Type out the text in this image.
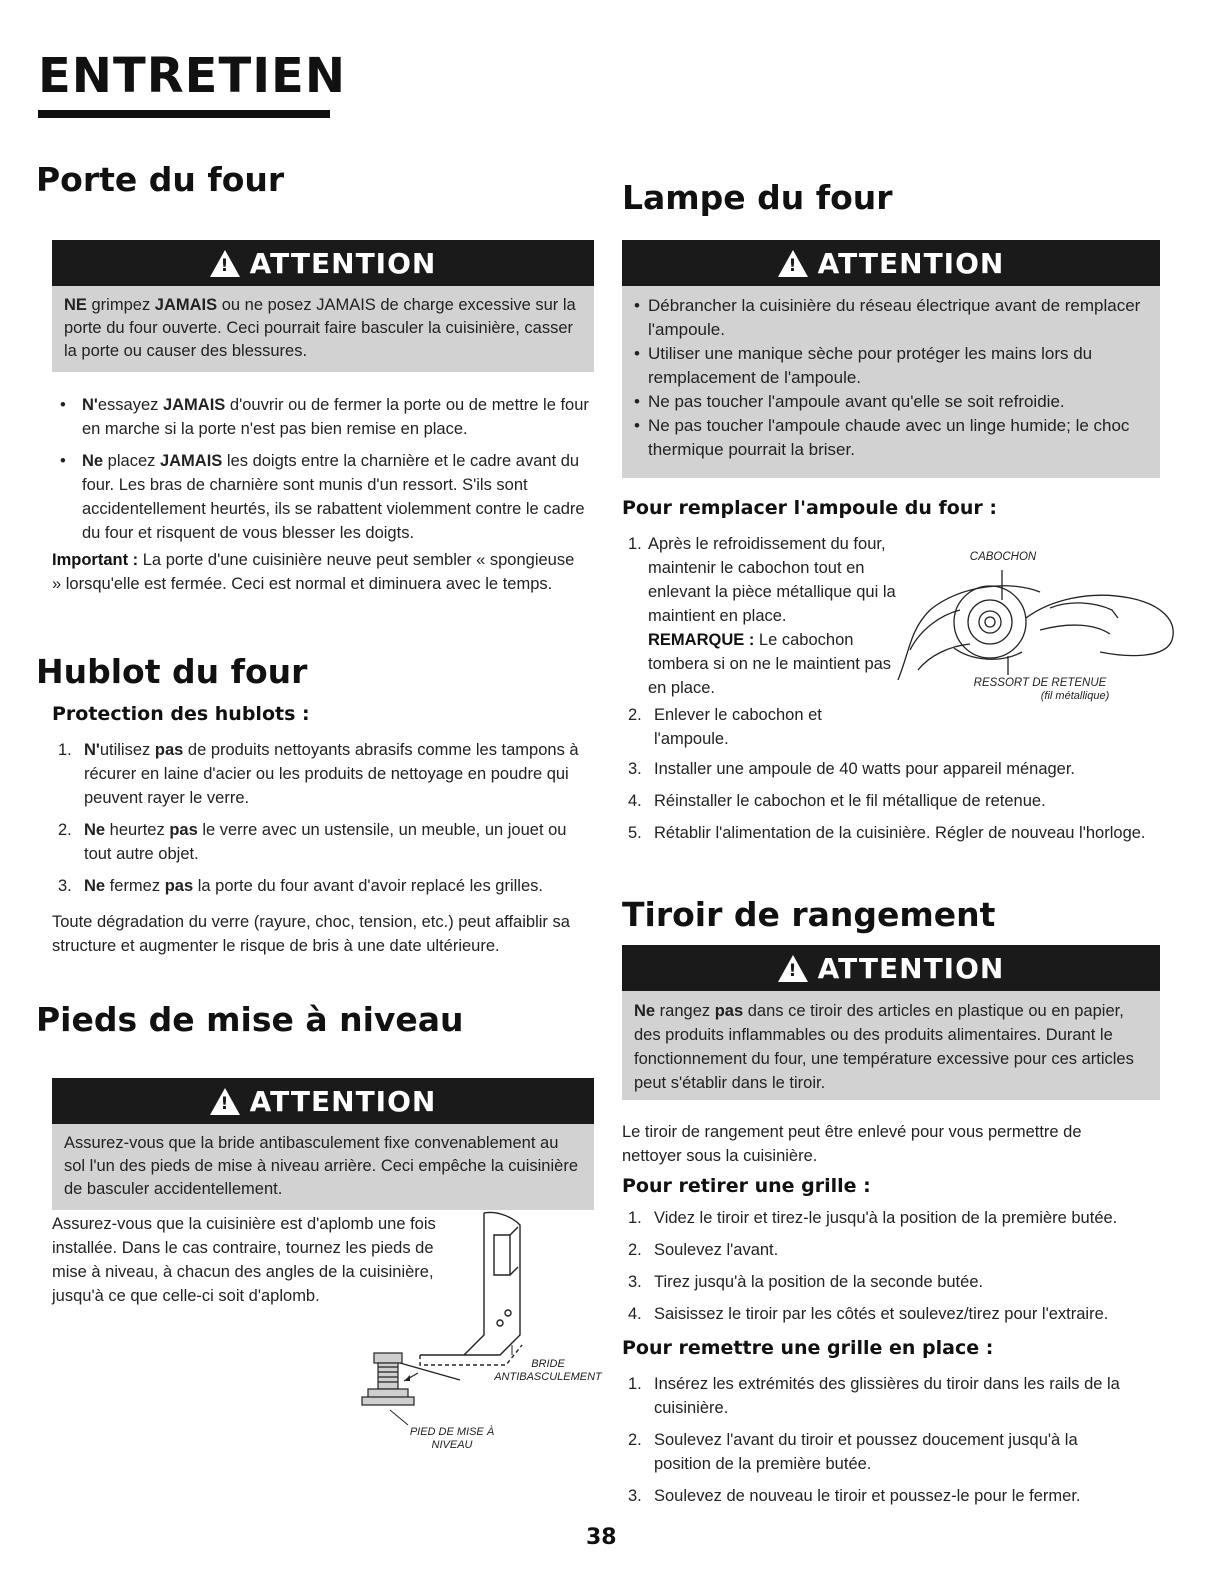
ENTRETIEN
Porte du four
! ATTENTION
NE grimpez JAMAIS ou ne posez JAMAIS de charge excessive sur la porte du four ouverte. Ceci pourrait faire basculer la cuisinière, casser la porte ou causer des blessures.
• N'essayez JAMAIS d'ouvrir ou de fermer la porte ou de mettre le four en marche si la porte n'est pas bien remise en place.
• Ne placez JAMAIS les doigts entre la charnière et le cadre avant du four. Les bras de charnière sont munis d'un ressort. S'ils sont accidentellement heurtés, ils se rabattent violemment contre le cadre du four et risquent de vous blesser les doigts.
Important : La porte d'une cuisinière neuve peut sembler « spongieuse » lorsqu'elle est fermée. Ceci est normal et diminuera avec le temps.
Hublot du four
Protection des hublots :
1. N'utilisez pas de produits nettoyants abrasifs comme les tampons à récurer en laine d'acier ou les produits de nettoyage en poudre qui peuvent rayer le verre.
2. Ne heurtez pas le verre avec un ustensile, un meuble, un jouet ou tout autre objet.
3. Ne fermez pas la porte du four avant d'avoir replacé les grilles.
Toute dégradation du verre (rayure, choc, tension, etc.) peut affaiblir sa structure et augmenter le risque de bris à une date ultérieure.
Pieds de mise à niveau
! ATTENTION
Assurez-vous que la bride antibasculement fixe convenablement au sol l'un des pieds de mise à niveau arrière. Ceci empêche la cuisinière de basculer accidentellement.
Assurez-vous que la cuisinière est d'aplomb une fois installée. Dans le cas contraire, tournez les pieds de mise à niveau, à chacun des angles de la cuisinière, jusqu'à ce que celle-ci soit d'aplomb.
BRIDE ANTIBASCULEMENT
PIED DE MISE À NIVEAU
Lampe du four
! ATTENTION
• Débrancher la cuisinière du réseau électrique avant de remplacer l'ampoule.
• Utiliser une manique sèche pour protéger les mains lors du remplacement de l'ampoule.
• Ne pas toucher l'ampoule avant qu'elle se soit refroidie.
• Ne pas toucher l'ampoule chaude avec un linge humide; le choc thermique pourrait la briser.
Pour remplacer l'ampoule du four :
1. Après le refroidissement du four, maintenir le cabochon tout en enlevant la pièce métallique qui la maintient en place.
REMARQUE : Le cabochon tombera si on ne le maintient pas en place.
CABOCHON
RESSORT DE RETENUE
(fil métallique)
2. Enlever le cabochon et l'ampoule.
3. Installer une ampoule de 40 watts pour appareil ménager.
4. Réinstaller le cabochon et le fil métallique de retenue.
5. Rétablir l'alimentation de la cuisinière. Régler de nouveau l'horloge.
Tiroir de rangement
! ATTENTION
Ne rangez pas dans ce tiroir des articles en plastique ou en papier, des produits inflammables ou des produits alimentaires. Durant le fonctionnement du four, une température excessive pour ces articles peut s'établir dans le tiroir.
Le tiroir de rangement peut être enlevé pour vous permettre de nettoyer sous la cuisinière.
Pour retirer une grille :
1. Videz le tiroir et tirez-le jusqu'à la position de la première butée.
2. Soulevez l'avant.
3. Tirez jusqu'à la position de la seconde butée.
4. Saisissez le tiroir par les côtés et soulevez/tirez pour l'extraire.
Pour remettre une grille en place :
1. Insérez les extrémités des glissières du tiroir dans les rails de la cuisinière.
2. Soulevez l'avant du tiroir et poussez doucement jusqu'à la position de la première butée.
3. Soulevez de nouveau le tiroir et poussez-le pour le fermer.
38
